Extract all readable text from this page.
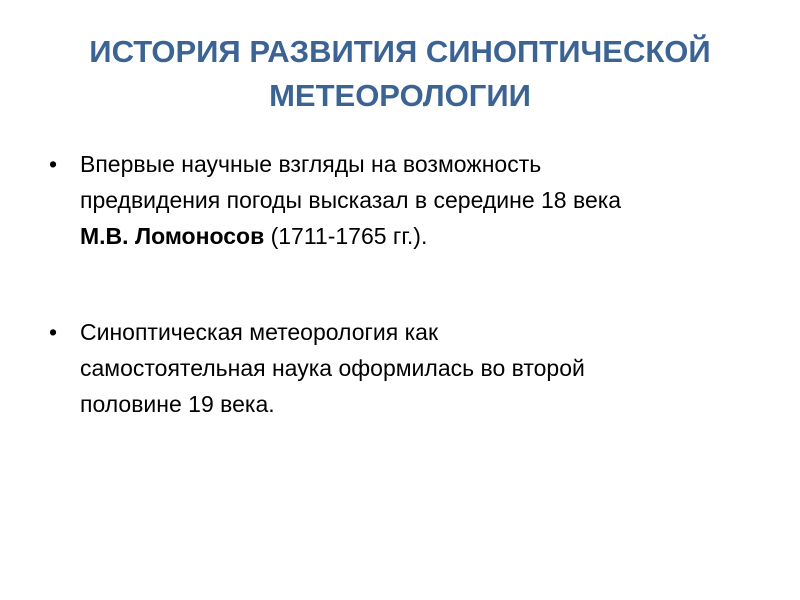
ИСТОРИЯ РАЗВИТИЯ СИНОПТИЧЕСКОЙ
МЕТЕОРОЛОГИИ
• Впервые научные взгляды на возможность
предвидения погоды высказал в середине 18 века
М.В. Ломоносов (1711-1765 гг.).
• Синоптическая метеорология как
самостоятельная наука оформилась во второй
половине 19 века.
